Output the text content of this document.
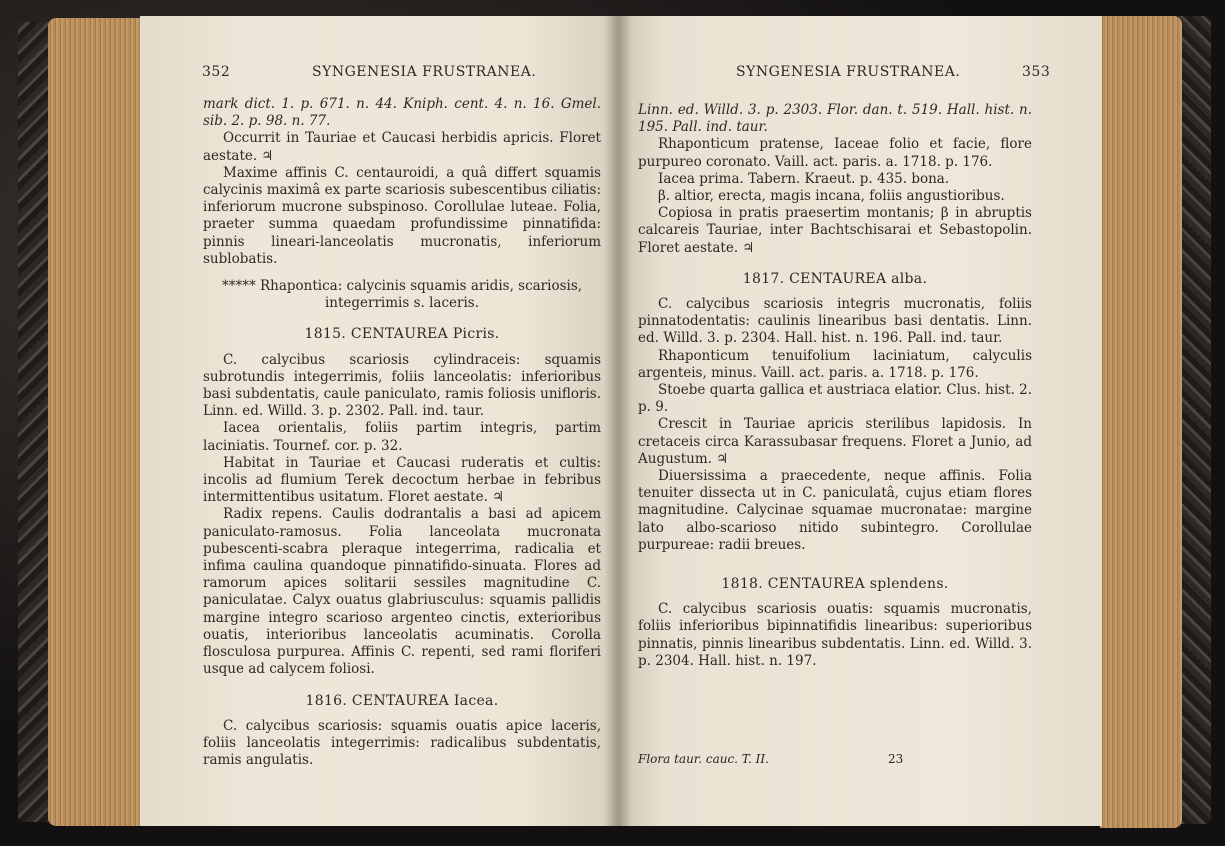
352	SYNGENESIA FRUSTRANEA.

mark dict. 1. p. 671. n. 44. Kniph. cent. 4. n. 16. Gmel. sib. 2. p. 98. n. 77.

Occurrit in Tauriae et Caucasi herbidis apricis. Floret aestate. ♃

Maxime affinis C. centauroidi, a quâ differt squamis calycinis maximâ ex parte scariosis subescentibus ciliatis: inferiorum mucrone subspinoso. Corollulae luteae. Folia, praeter summa quaedam profundissime pinnatifida: pinnis lineari-lanceolatis mucronatis, inferiorum sublobatis.

***** Rhapontica: calycinis squamis aridis, scariosis, integerrimis s. laceris.

1815. CENTAUREA Picris.

C. calycibus scariosis cylindraceis: squamis subrotundis integerrimis, foliis lanceolatis: inferioribus basi subdentatis, caule paniculato, ramis foliosis unifloris. Linn. ed. Willd. 3. p. 2302. Pall. ind. taur.

Iacea orientalis, foliis partim integris, partim laciniatis. Tournef. cor. p. 32.

Habitat in Tauriae et Caucasi ruderatis et cultis: incolis ad flumium Terek decoctum herbae in febribus intermittentibus usitatum. Floret aestate. ♃

Radix repens. Caulis dodrantalis a basi ad apicem paniculato-ramosus. Folia lanceolata mucronata pubescenti-scabra pleraque integerrima, radicalia et infima caulina quandoque pinnatifido-sinuata. Flores ad ramorum apices solitarii sessiles magnitudine C. paniculatae. Calyx ouatus glabriusculus: squamis pallidis margine integro scarioso argenteo cinctis, exterioribus ouatis, interioribus lanceolatis acuminatis. Corolla flosculosa purpurea. Affinis C. repenti, sed rami floriferi usque ad calycem foliosi.

1816. CENTAUREA Iacea.

C. calycibus scariosis: squamis ouatis apice laceris, foliis lanceolatis integerrimis: radicalibus subdentatis, ramis angulatis.

SYNGENESIA FRUSTRANEA.	353

Linn. ed. Willd. 3. p. 2303. Flor. dan. t. 519. Hall. hist. n. 195. Pall. ind. taur.

Rhaponticum pratense, Iaceae folio et facie, flore purpureo coronato. Vaill. act. paris. a. 1718. p. 176.

Iacea prima. Tabern. Kraeut. p. 435. bona.

β. altior, erecta, magis incana, foliis angustioribus.

Copiosa in pratis praesertim montanis; β in abruptis calcareis Tauriae, inter Bachtschisarai et Sebastopolin. Floret aestate. ♃

1817. CENTAUREA alba.

C. calycibus scariosis integris mucronatis, foliis pinnatodentatis: caulinis linearibus basi dentatis. Linn. ed. Willd. 3. p. 2304. Hall. hist. n. 196. Pall. ind. taur.

Rhaponticum tenuifolium laciniatum, calyculis argenteis, minus. Vaill. act. paris. a. 1718. p. 176.

Stoebe quarta gallica et austriaca elatior. Clus. hist. 2. p. 9.

Crescit in Tauriae apricis sterilibus lapidosis. In cretaceis circa Karassubasar frequens. Floret a Junio, ad Augustum. ♃

Diuersissima a praecedente, neque affinis. Folia tenuiter dissecta ut in C. paniculatâ, cujus etiam flores magnitudine. Calycinae squamae mucronatae: margine lato albo-scarioso nitido subintegro. Corollulae purpureae: radii breues.

1818. CENTAUREA splendens.

C. calycibus scariosis ouatis: squamis mucronatis, foliis inferioribus bipinnatifidis linearibus: superioribus pinnatis, pinnis linearibus subdentatis. Linn. ed. Willd. 3. p. 2304. Hall. hist. n. 197.

Flora taur. cauc. T. II.	23
